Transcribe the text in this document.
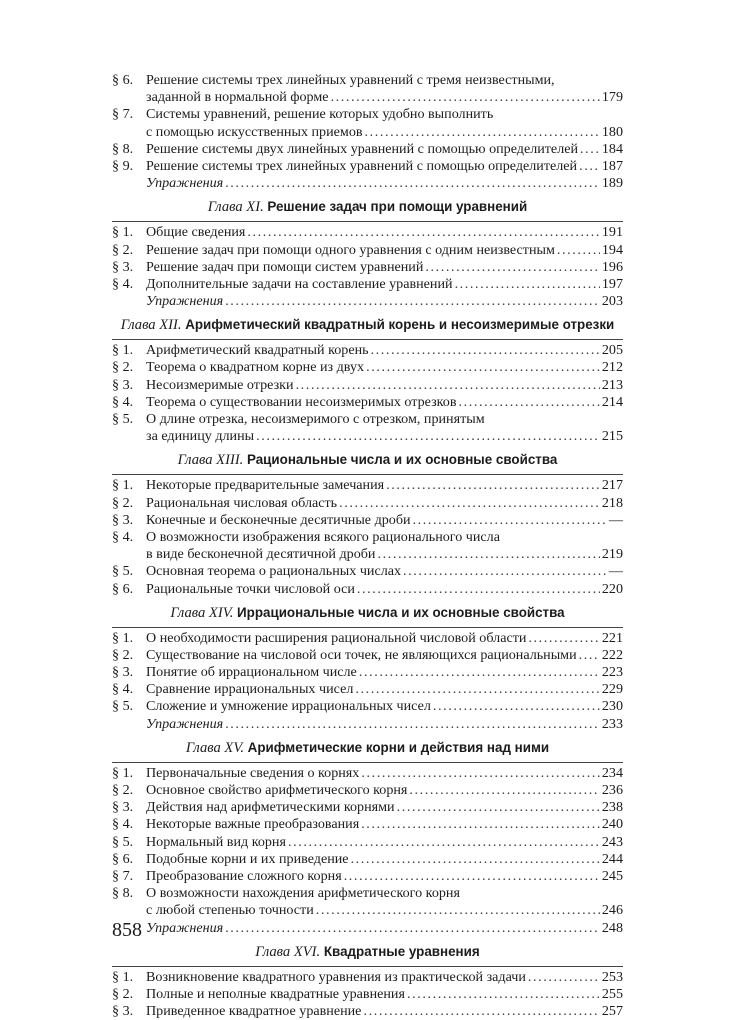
§ 6. Решение системы трех линейных уравнений с тремя неизвестными,
заданной в нормальной форме .....	179
§ 7. Системы уравнений, решение которых удобно выполнить
с помощью искусственных приемов .....	180
§ 8. Решение системы двух линейных уравнений с помощью определителей ..... 184
§ 9. Решение системы трех линейных уравнений с помощью определителей ..... 187
Упражнения .....	189
Глава XI. Решение задач при помощи уравнений
§ 1. Общие сведения .....	191
§ 2. Решение задач при помощи одного уравнения с одним неизвестным .....	194
§ 3. Решение задач при помощи систем уравнений .....	196
§ 4. Дополнительные задачи на составление уравнений .....	197
Упражнения .....	203
Глава XII. Арифметический квадратный корень и несоизмеримые отрезки
§ 1. Арифметический квадратный корень .....	205
§ 2. Теорема о квадратном корне из двух .....	212
§ 3. Несоизмеримые отрезки .....	213
§ 4. Теорема о существовании несоизмеримых отрезков .....	214
§ 5. О длине отрезка, несоизмеримого с отрезком, принятым
за единицу длины .....	215
Глава XIII. Рациональные числа и их основные свойства
§ 1. Некоторые предварительные замечания .....	217
§ 2. Рациональная числовая область .....	218
§ 3. Конечные и бесконечные десятичные дроби .....	—
§ 4. О возможности изображения всякого рационального числа
в виде бесконечной десятичной дроби .....	219
§ 5. Основная теорема о рациональных числах .....	—
§ 6. Рациональные точки числовой оси .....	220
Глава XIV. Иррациональные числа и их основные свойства
§ 1. О необходимости расширения рациональной числовой области .....	221
§ 2. Существование на числовой оси точек, не являющихся рациональными ..... 222
§ 3. Понятие об иррациональном числе .....	223
§ 4. Сравнение иррациональных чисел .....	229
§ 5. Сложение и умножение иррациональных чисел .....	230
Упражнения .....	233
Глава XV. Арифметические корни и действия над ними
§ 1. Первоначальные сведения о корнях .....	234
§ 2. Основное свойство арифметического корня .....	236
§ 3. Действия над арифметическими корнями .....	238
§ 4. Некоторые важные преобразования .....	240
§ 5. Нормальный вид корня .....	243
§ 6. Подобные корни и их приведение .....	244
§ 7. Преобразование сложного корня .....	245
§ 8. О возможности нахождения арифметического корня
с любой степенью точности .....	246
Упражнения .....	248
Глава XVI. Квадратные уравнения
§ 1. Возникновение квадратного уравнения из практической задачи .....	253
§ 2. Полные и неполные квадратные уравнения .....	255
§ 3. Приведенное квадратное уравнение .....	257
858
